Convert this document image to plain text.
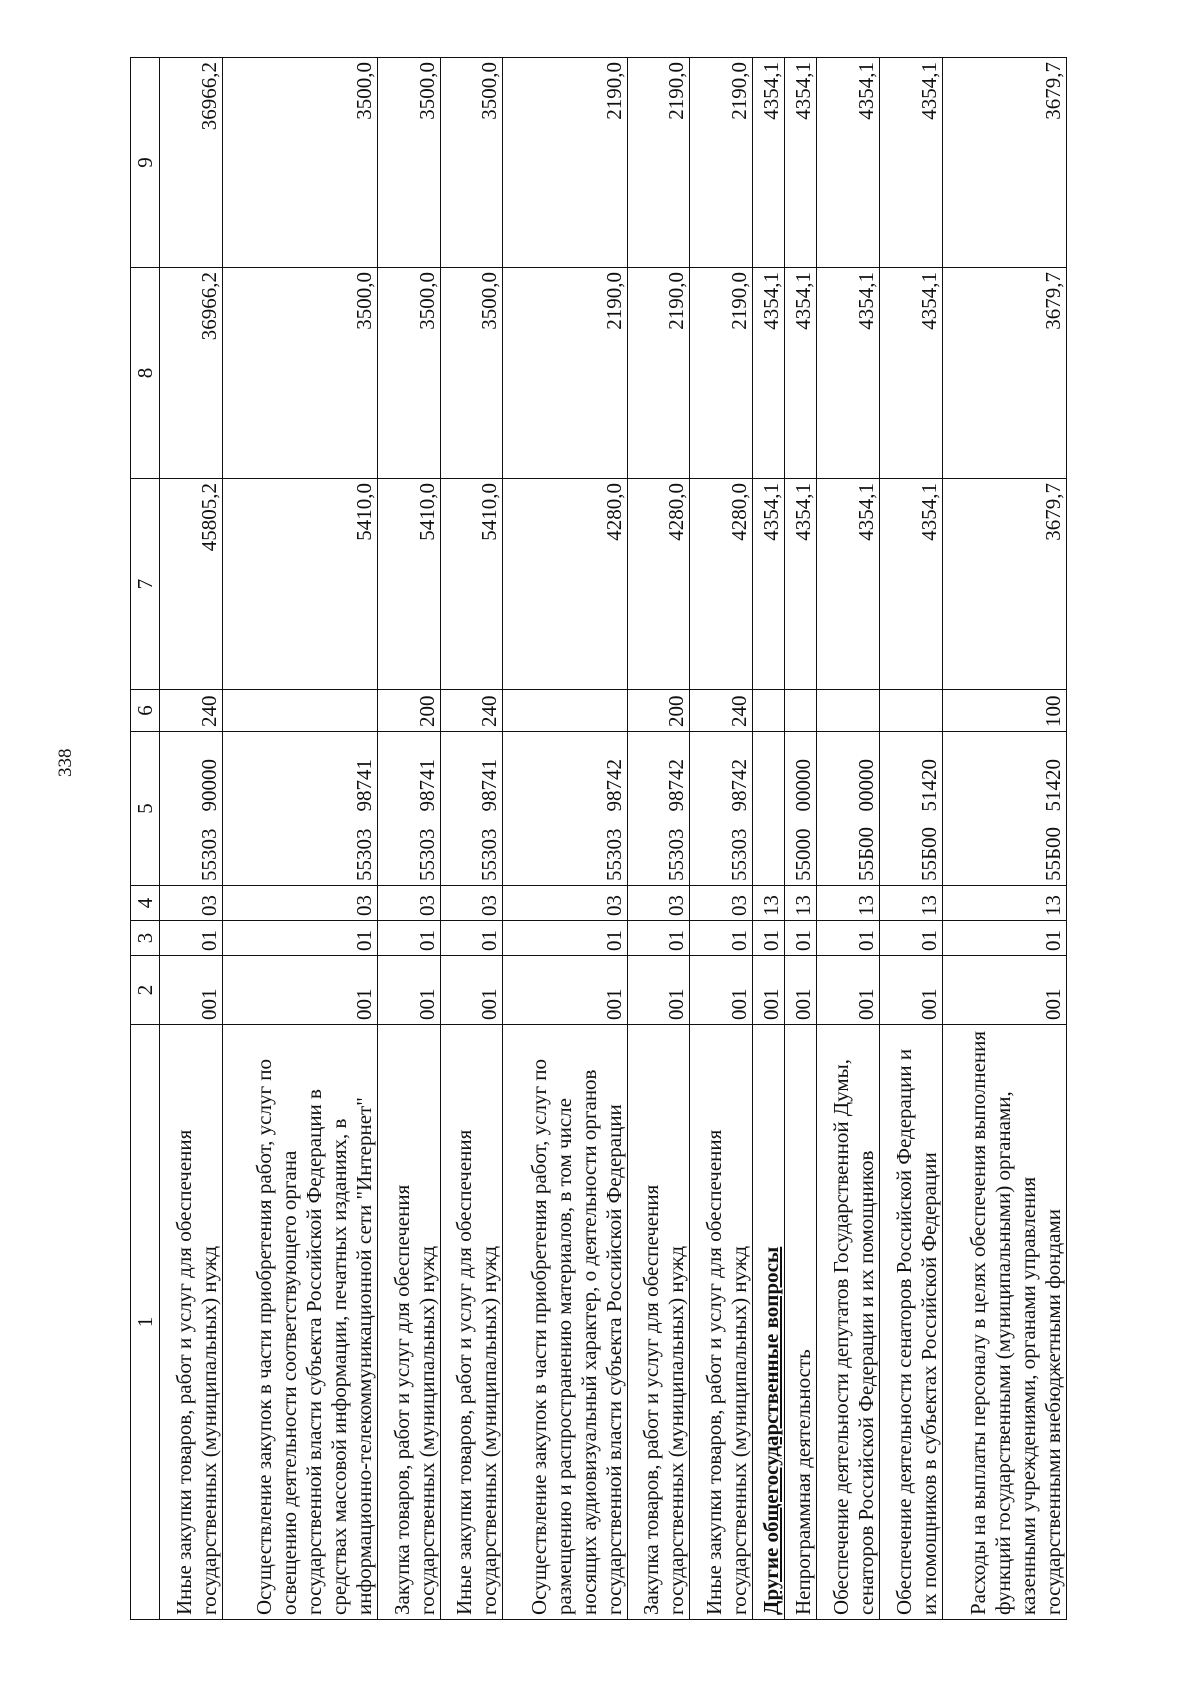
338
1	2	3	4	5	6	7	8	9
Иные закупки товаров, работ и услуг для обеспечения государственных (муниципальных) нужд	001	01	03	5530390000	240	45805,2	36966,2	36966,2
Осуществление закупок в части приобретения работ, услуг по освещению деятельности соответствующего органа государственной власти субъекта Российской Федерации в средствах массовой информации, печатных изданиях, в информационно-телекоммуникационной сети "Интернет"	001	01	03	5530398741		5410,0	3500,0	3500,0
Закупка товаров, работ и услуг для обеспечения государственных (муниципальных) нужд	001	01	03	5530398741	200	5410,0	3500,0	3500,0
Иные закупки товаров, работ и услуг для обеспечения государственных (муниципальных) нужд	001	01	03	5530398741	240	5410,0	3500,0	3500,0
Осуществление закупок в части приобретения работ, услуг по размещению и распространению материалов, в том числе носящих аудиовизуальный характер, о деятельности органов государственной власти субъекта Российской Федерации	001	01	03	5530398742		4280,0	2190,0	2190,0
Закупка товаров, работ и услуг для обеспечения государственных (муниципальных) нужд	001	01	03	5530398742	200	4280,0	2190,0	2190,0
Иные закупки товаров, работ и услуг для обеспечения государственных (муниципальных) нужд	001	01	03	5530398742	240	4280,0	2190,0	2190,0
Другие общегосударственные вопросы	001	01	13			4354,1	4354,1	4354,1
Непрограммная деятельность	001	01	13	5500000000		4354,1	4354,1	4354,1
Обеспечение деятельности депутатов Государственной Думы, сенаторов Российской Федерации и их помощников	001	01	13	55Б0000000		4354,1	4354,1	4354,1
Обеспечение деятельности сенаторов Российской Федерации и их помощников в субъектах Российской Федерации	001	01	13	55Б0051420		4354,1	4354,1	4354,1
Расходы на выплаты персоналу в целях обеспечения выполнения функций государственными (муниципальными) органами, казенными учреждениями, органами управления государственными внебюджетными фондами	001	01	13	55Б0051420	100	3679,7	3679,7	3679,7
